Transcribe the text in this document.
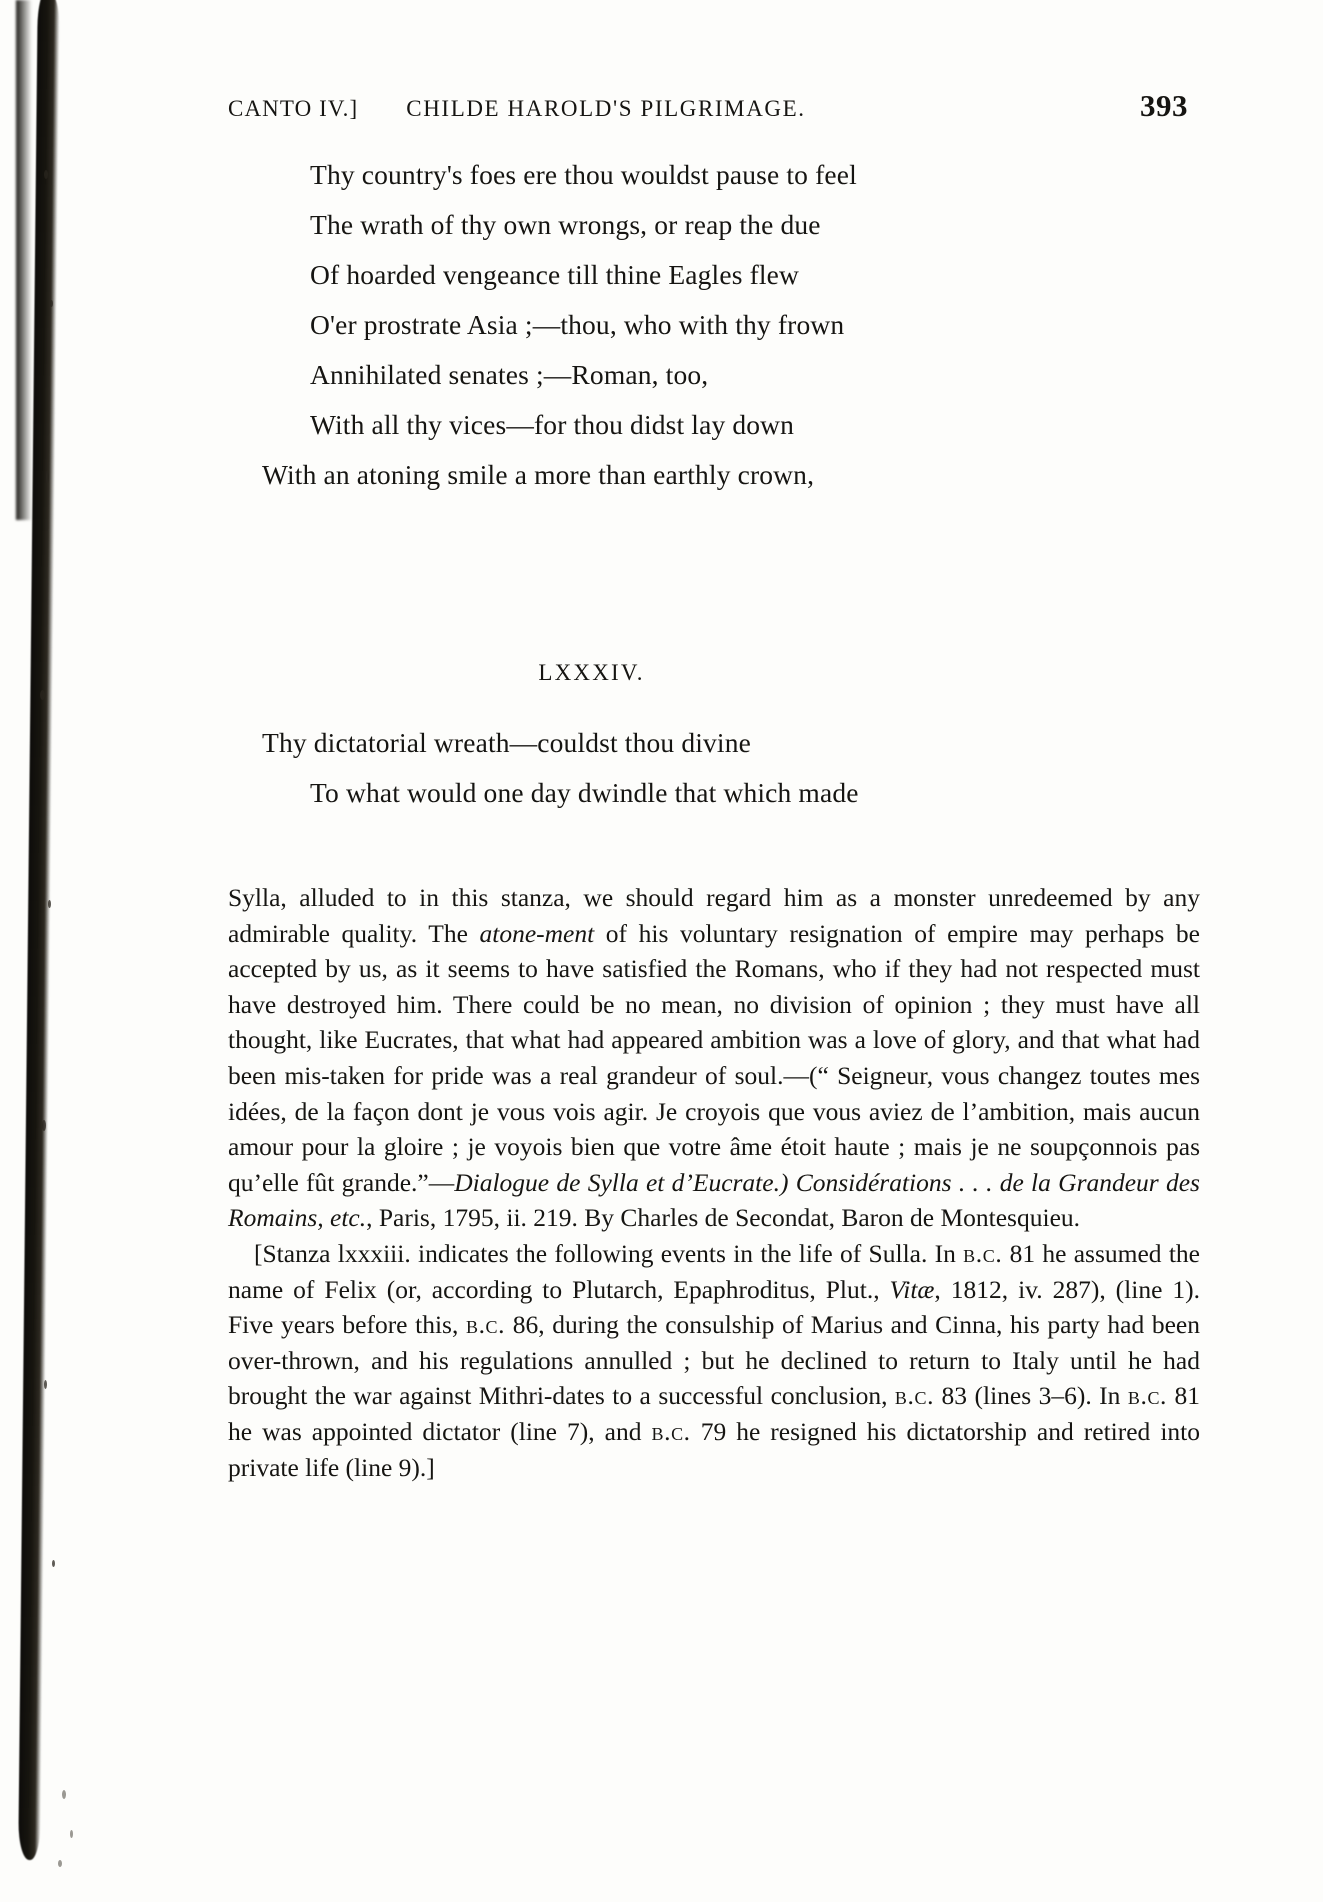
CANTO IV.]	CHILDE HAROLD'S PILGRIMAGE.	393
Thy country's foes ere thou wouldst pause to feel
The wrath of thy own wrongs, or reap the due
Of hoarded vengeance till thine Eagles flew
O'er prostrate Asia ;—thou, who with thy frown
Annihilated senates ;—Roman, too,
With all thy vices—for thou didst lay down
With an atoning smile a more than earthly crown,
LXXXIV.
Thy dictatorial wreath—couldst thou divine
To what would one day dwindle that which made

Sylla, alluded to in this stanza, we should regard him as a monster unredeemed by any admirable quality. The atone-ment of his voluntary resignation of empire may perhaps be accepted by us, as it seems to have satisfied the Romans, who if they had not respected must have destroyed him. There could be no mean, no division of opinion ; they must have all thought, like Eucrates, that what had appeared ambition was a love of glory, and that what had been mis-taken for pride was a real grandeur of soul.—(“ Seigneur, vous changez toutes mes idées, de la façon dont je vous vois agir. Je croyois que vous aviez de l’ambition, mais aucun amour pour la gloire ; je voyois bien que votre âme étoit haute ; mais je ne soupçonnois pas qu’elle fût grande.”—Dialogue de Sylla et d’Eucrate.) Considérations . . . de la Grandeur des Romains, etc., Paris, 1795, ii. 219. By Charles de Secondat, Baron de Montesquieu.

[Stanza lxxxiii. indicates the following events in the life of Sulla. In b.c. 81 he assumed the name of Felix (or, according to Plutarch, Epaphroditus, Plut., Vitæ, 1812, iv. 287), (line 1). Five years before this, b.c. 86, during the consulship of Marius and Cinna, his party had been over-thrown, and his regulations annulled ; but he declined to return to Italy until he had brought the war against Mithri-dates to a successful conclusion, b.c. 83 (lines 3–6). In b.c. 81 he was appointed dictator (line 7), and b.c. 79 he resigned his dictatorship and retired into private life (line 9).]
